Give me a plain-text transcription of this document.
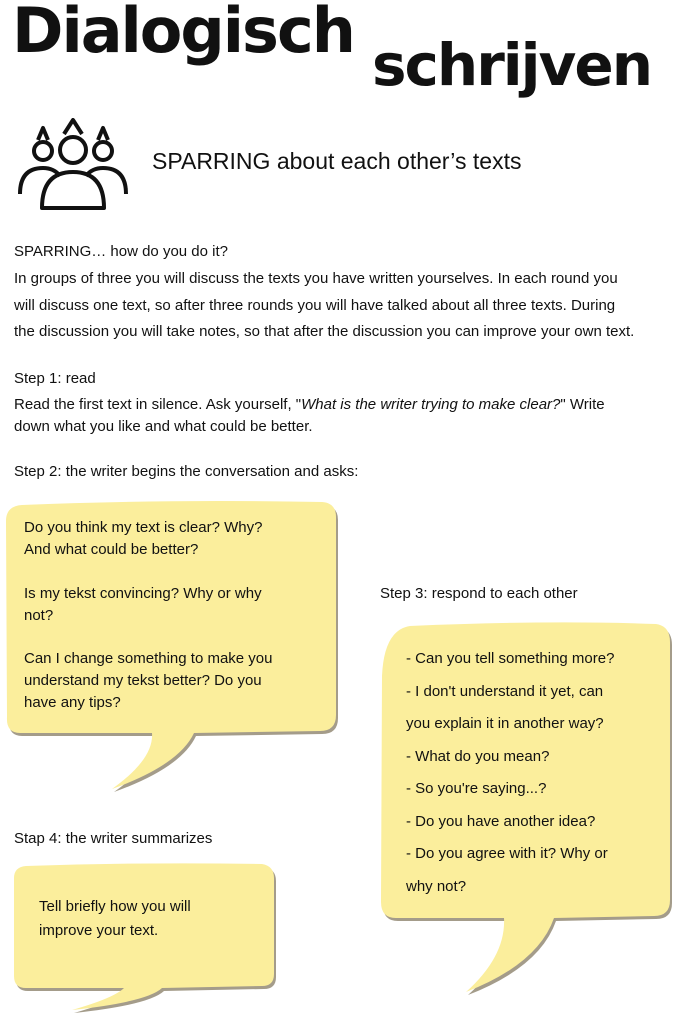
Dialogisch schrijven
SPARRING about each other’s texts
SPARRING… how do you do it?
In groups of three you will discuss the texts you have written yourselves. In each round you
will discuss one text, so after three rounds you will have talked about all three texts. During
the discussion you will take notes, so that after the discussion you can improve your own text.
Step 1: read
Read the first text in silence. Ask yourself, "What is the writer trying to make clear?" Write
down what you like and what could be better.
Step 2: the writer begins the conversation and asks:

Do you think my text is clear? Why?
And what could be better?

Is my tekst convincing? Why or why
not?

Can I change something to make you
understand my tekst better? Do you
have any tips?

Step 3: respond to each other

- Can you tell something more?

- I don't understand it yet, can

you explain it in another way?

- What do you mean?

- So you're saying...?

- Do you have another idea?

- Do you agree with it? Why or

why not?

Stap 4: the writer summarizes
Tell briefly how you will
improve your text.
